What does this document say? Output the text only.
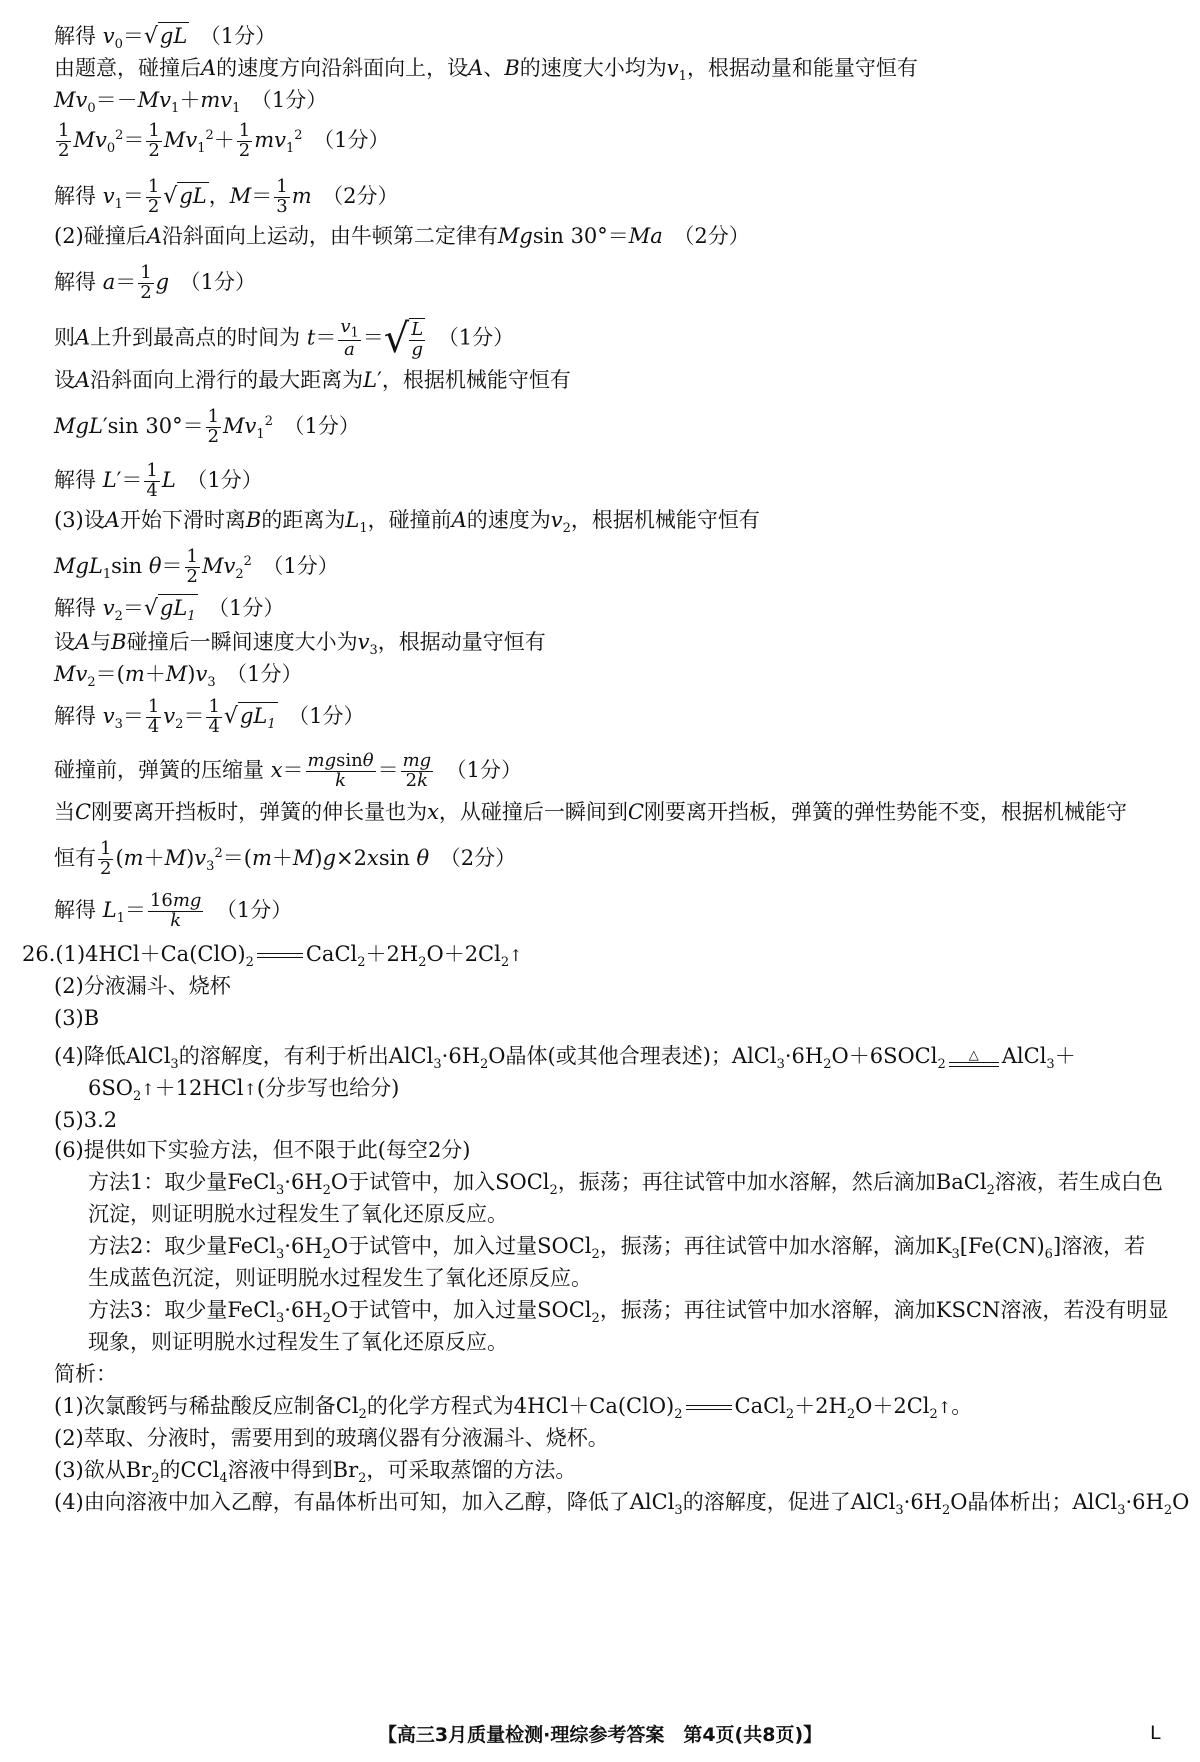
解得 $v_0=√gL$　（1分）
由题意，碰撞后A的速度方向沿斜面向上，设A、B的速度大小均为$v_1$，根据动量和能量守恒有
$Mv_0=-Mv_1+mv_1$　（1分）
$\frac{1}{2} Mv_0^2= \frac{1}{2} Mv_1^2+ \frac{1}{2} mv_1^2$　（1分）
解得 $v_1= \frac{1}{2} √gL$，$M= \frac{1}{3}$ m　（2分）
(2)碰撞后A沿斜面向上运动，由牛顿第二定律有Mgsin 30°＝Ma　（2分）
解得 $a= \frac{1}{2}$ g　（1分）
则A上升到最高点的时间为 $t= \frac{v_1}{a}$ ＝ √ $\frac{L}{g}$ 　（1分）
设A沿斜面向上滑行的最大距离为L′，根据机械能守恒有
MgL′sin $30^\circ= \frac{1}{2} Mv_1^2$　（1分）
解得 $L'= \frac{1}{4}$ L　（1分）
(3)设A开始下滑时离B的距离为$L_1$，碰撞前A的速度为$v_2$，根据机械能守恒有
MgL$_1$sin $\theta= \frac{1}{2} Mv_2^2$　（1分）
解得 $v_2=√gL_1$　（1分）
设A与B碰撞后一瞬间速度大小为$v_3$，根据动量守恒有
$Mv_2=(m+M)v_3$　（1分）
解得 $v_3= \frac{1}{4} v_2= \frac{1}{4} √gL_1$　（1分）
碰撞前，弹簧的压缩量 $x= \frac{mgsin\theta}{k} = \frac{mg}{2k}$ 　（1分）
当C刚要离开挡板时，弹簧的伸长量也为x，从碰撞后一瞬间到C刚要离开挡板，弹簧的弹性势能不变，根据机械能守
恒有 $\frac{1}{2} (m+M)v_3^2=(m+M)g\times 2xsin$ θ　（2分）
解得 $L_1= \frac{16mg}{k}$ 　（1分）
$26.(1)4HCl+Ca(ClO)_2$ $CaCl_2+2H_2O+2Cl_2↑$
(2)分液漏斗、烧杯
(3)B
(4)降低AlCl$_3$的溶解度，有利于析出$AlCl_3\cdot 6H_2O$晶体(或其他合理表述)；$AlCl_3\cdot 6H_2O+6SOCl_2$
△ AlCl$_3$＋
$6SO_2↑+12HCl↑$(分步写也给分)
(5)3.2
(6)提供如下实验方法，但不限于此(每空2分)
方法1：取少量$FeCl_3\cdot 6H_2O$于试管中，加入SOCl$_2$，振荡；再往试管中加水溶解，然后滴加BaCl$_2$溶液，若生成白色
沉淀，则证明脱水过程发生了氧化还原反应。
方法2：取少量$FeCl_3\cdot 6H_2O$于试管中，加入过量SOCl$_2$，振荡；再往试管中加水溶解，滴加$K_3[Fe(CN)_6]$溶液，若
生成蓝色沉淀，则证明脱水过程发生了氧化还原反应。
方法3：取少量$FeCl_3\cdot 6H_2O$于试管中，加入过量SOCl$_2$，振荡；再往试管中加水溶解，滴加KSCN溶液，若没有明显
现象，则证明脱水过程发生了氧化还原反应。
简析：
(1)次氯酸钙与稀盐酸反应制备$Cl_2$的化学方程式为$4HCl+Ca(ClO)_2$ $CaCl_2+2H_2O+2Cl_2↑$。
(2)萃取、分液时，需要用到的玻璃仪器有分液漏斗、烧杯。
(3)欲从$Br_2$的CCl$_4$溶液中得到$Br_2$，可采取蒸馏的方法。
(4)由向溶液中加入乙醇，有晶体析出可知，加入乙醇，降低了AlCl$_3$的溶解度，促进了$AlCl_3\cdot 6H_2O$晶体析出；$AlCl_3\cdot 6H_2O$
【高三3月质量检测·理综参考答案　第4页(共8页)】	L
